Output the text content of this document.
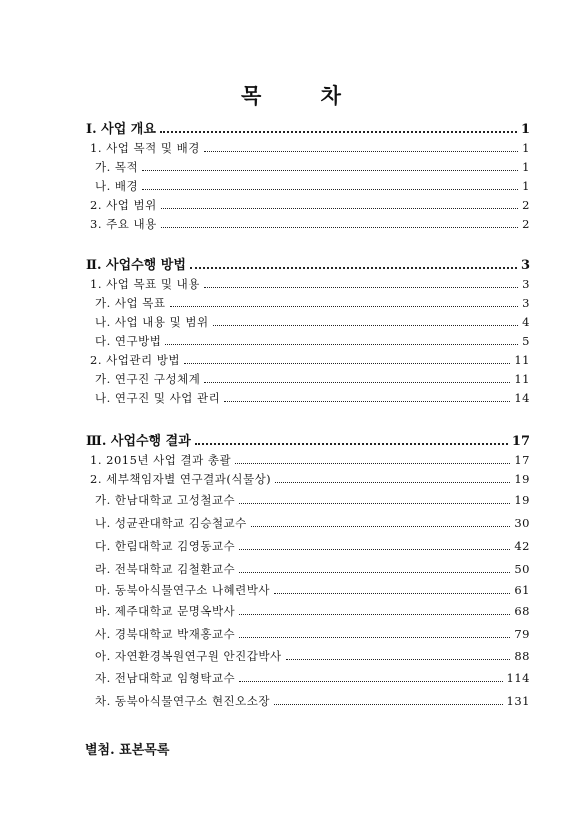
목 차
Ⅰ. 사업 개요	1
1. 사업 목적 및 배경	1
가. 목적	1
나. 배경	1
2. 사업 범위	2
3. 주요 내용	2
Ⅱ. 사업수행 방법	3
1. 사업 목표 및 내용	3
가. 사업 목표	3
나. 사업 내용 및 범위	4
다. 연구방법	5
2. 사업관리 방법	11
가. 연구진 구성체계	11
나. 연구진 및 사업 관리	14
Ⅲ. 사업수행 결과	17
1. 2015년 사업 결과 총괄	17
2. 세부책임자별 연구결과(식물상)	19
가. 한남대학교 고성철교수	19
나. 성균관대학교 김승철교수	30
다. 한림대학교 김영동교수	42
라. 전북대학교 김철환교수	50
마. 동북아식물연구소 나혜련박사	61
바. 제주대학교 문명옥박사	68
사. 경북대학교 박재홍교수	79
아. 자연환경복원연구원 안진갑박사	88
자. 전남대학교 임형탁교수	114
차. 동북아식물연구소 현진오소장	131
별첨. 표본목록
